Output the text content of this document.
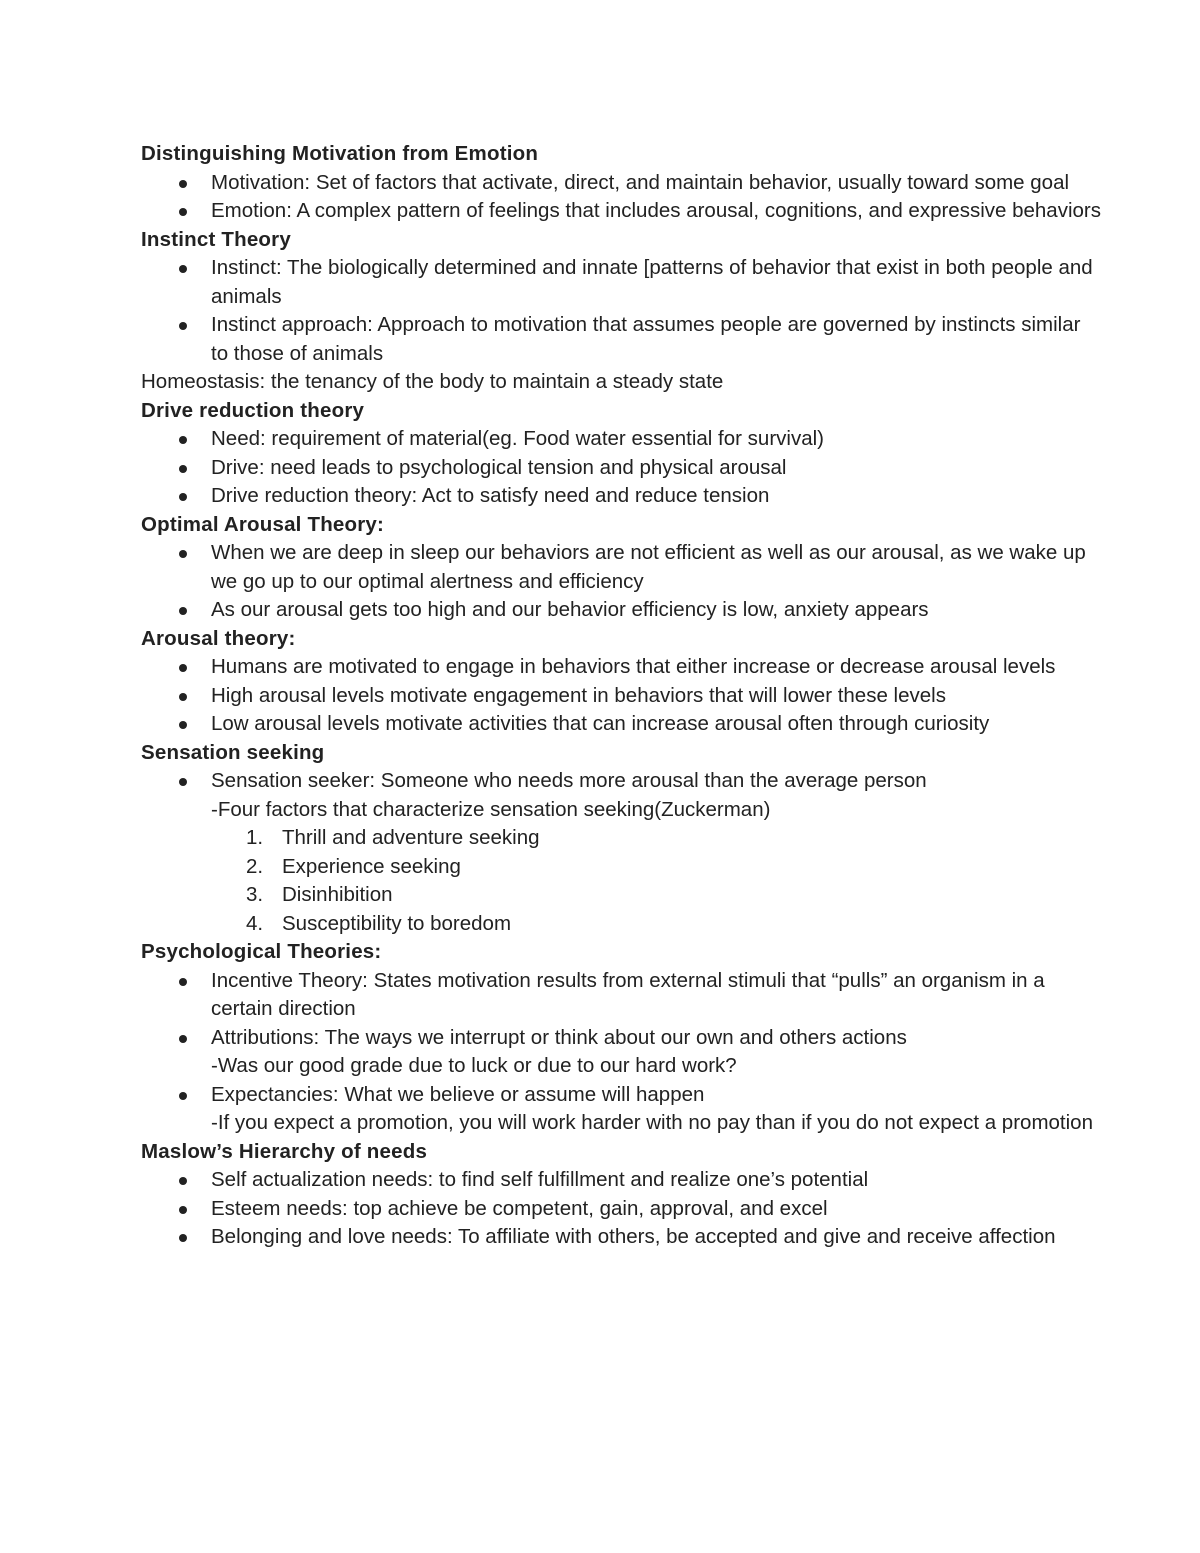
Distinguishing Motivation from Emotion
Motivation: Set of factors that activate, direct, and maintain behavior, usually toward some goal
Emotion: A complex pattern of feelings that includes arousal, cognitions, and expressive behaviors
Instinct Theory
Instinct: The biologically determined and innate [patterns of behavior that exist in both people and animals
Instinct approach: Approach to motivation that assumes people are governed by instincts similar to those of animals
Homeostasis: the tenancy of the body to maintain a steady state
Drive reduction theory
Need: requirement of material(eg. Food water essential for survival)
Drive: need leads to psychological tension and physical arousal
Drive reduction theory: Act to satisfy need and reduce tension
Optimal Arousal Theory:
When we are deep in sleep our behaviors are not efficient as well as our arousal, as we wake up we go up to our optimal alertness and efficiency
As our arousal gets too high and our behavior efficiency is low, anxiety appears
Arousal theory:
Humans are motivated to engage in behaviors that either increase or decrease arousal levels
High arousal levels motivate engagement in behaviors that will lower these levels
Low arousal levels motivate activities that can increase arousal often through curiosity
Sensation seeking
Sensation seeker: Someone who needs more arousal than the average person
-Four factors that characterize sensation seeking(Zuckerman)
1. Thrill and adventure seeking
2. Experience seeking
3. Disinhibition
4. Susceptibility to boredom
Psychological Theories:
Incentive Theory: States motivation results from external stimuli that “pulls” an organism in a certain direction
Attributions: The ways we interrupt or think about our own and others actions
-Was our good grade due to luck or due to our hard work?
Expectancies: What we believe or assume will happen
-If you expect a promotion, you will work harder with no pay than if you do not expect a promotion
Maslow’s Hierarchy of needs
Self actualization needs: to find self fulfillment and realize one’s potential
Esteem needs: top achieve be competent, gain, approval, and excel
Belonging and love needs: To affiliate with others, be accepted and give and receive affection
